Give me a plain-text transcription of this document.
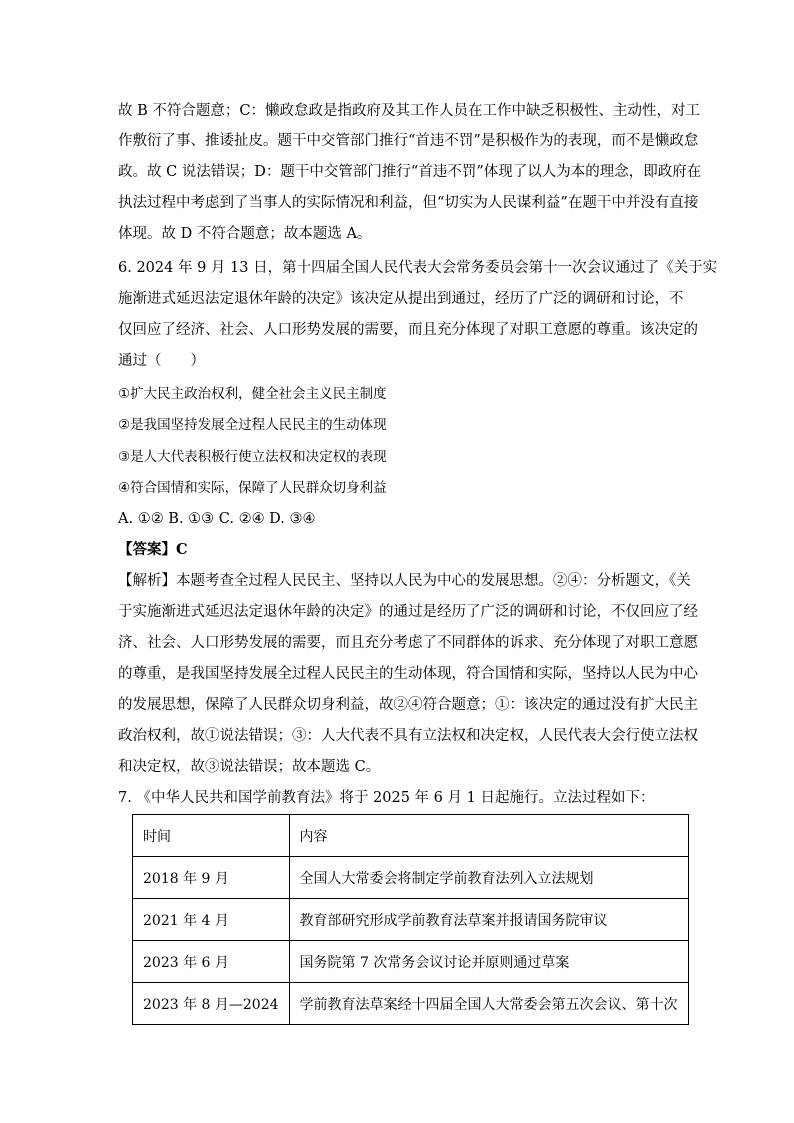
故 B 不符合题意；C：懒政怠政是指政府及其工作人员在工作中缺乏积极性、主动性，对工
作敷衍了事、推诿扯皮。题干中交管部门推行“首违不罚”是积极作为的表现，而不是懒政怠
政。故 C 说法错误；D：题干中交管部门推行“首违不罚”体现了以人为本的理念，即政府在
执法过程中考虑到了当事人的实际情况和利益，但“切实为人民谋利益”在题干中并没有直接
体现。故 D 不符合题意；故本题选 A。
6. 2024 年 9 月 13 日，第十四届全国人民代表大会常务委员会第十一次会议通过了《关于实
施渐进式延迟法定退休年龄的决定》该决定从提出到通过，经历了广泛的调研和讨论，不
仅回应了经济、社会、人口形势发展的需要，而且充分体现了对职工意愿的尊重。该决定的
通过（　　）
①扩大民主政治权利，健全社会主义民主制度
②是我国坚持发展全过程人民民主的生动体现
③是人大代表积极行使立法权和决定权的表现
④符合国情和实际，保障了人民群众切身利益
A. ①② B. ①③ C. ②④ D. ③④
【答案】C
【解析】本题考查全过程人民民主、坚持以人民为中心的发展思想。②④：分析题文，《关
于实施渐进式延迟法定退休年龄的决定》的通过是经历了广泛的调研和讨论，不仅回应了经
济、社会、人口形势发展的需要，而且充分考虑了不同群体的诉求、充分体现了对职工意愿
的尊重，是我国坚持发展全过程人民民主的生动体现，符合国情和实际，坚持以人民为中心
的发展思想，保障了人民群众切身利益，故②④符合题意；①：该决定的通过没有扩大民主
政治权利，故①说法错误；③：人大代表不具有立法权和决定权，人民代表大会行使立法权
和决定权，故③说法错误；故本题选 C。
7. 《中华人民共和国学前教育法》将于 2025 年 6 月 1 日起施行。立法过程如下：
时间	内容
2018 年 9 月	全国人大常委会将制定学前教育法列入立法规划
2021 年 4 月	教育部研究形成学前教育法草案并报请国务院审议
2023 年 6 月	国务院第 7 次常务会议讨论并原则通过草案
2023 年 8 月—2024	学前教育法草案经十四届全国人大常委会第五次会议、第十次
